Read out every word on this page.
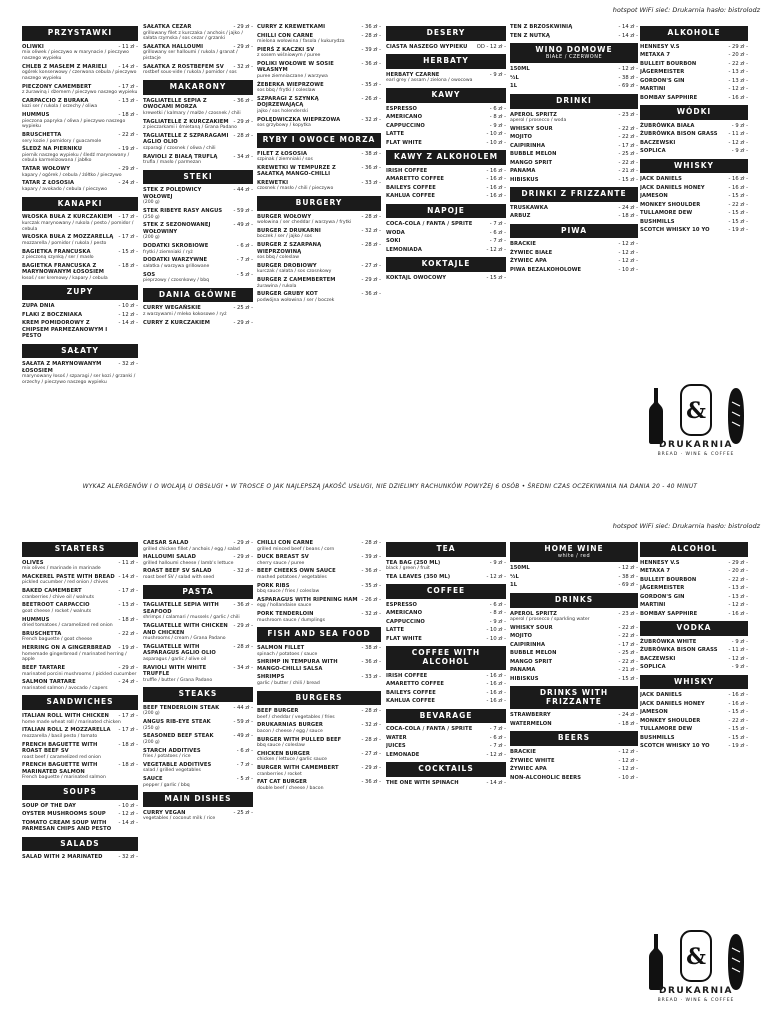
hotspot WiFi sieć: Drukarnia hasło: bistrolodz
PRZYSTAWKI
OLIWKI	- 11 zł -
mix oliwek / pieczywo w marynacie / pieczywo naszego wypieku
CHLEB Z MASŁEM Z MARIELI - 14 zł -
ogórek konserwowy / czerwona cebula / pieczywo naszego wypieku
PIECZONY CAMEMBERT	- 17 zł -
z żurawiną i dżemem / pieczywo naszego wypieku
CARPACCIO Z BURAKA	- 13 zł -
kozi ser / rukola / orzechy / oliwa
HUMMUS	- 18 zł -
pieczona papryka / oliwa / pieczywo naszego wypieku
BRUSCHETTA	- 22 zł -
sery kozie / pomidory / guacamole
ŚLEDŹ NA PIERNIKU	- 19 zł -
piernik naszego wypieku / śledź marynowany / cebula karmelizowana / jabłko
TATAR WOŁOWY	- 29 zł -
kapary / ogórek / cebula / żółtko / pieczywo
TATAR Z ŁOSOSIA	- 24 zł -
kapary / avokado / cebula / pieczywo
KANAPKI
WŁOSKA BUŁA Z KURCZAKIEM - 17 zł -
kurczak marynowany / rukola / pesto / pomidor / cebula
WŁOSKA BUŁA Z MOZZARELLĄ - 17 zł -
mozzarella / pomidor / rukola / pesto
BAGIETKA FRANCUSKA	- 15 zł -
z pieczoną szynką / ser / masło
BAGIETKA FRANCUSKA Z MARYNOWANYM ŁOSOSIEM
- 18 zł -
łosoś / ser kremowy / kapary / cebula
ZUPY
ZUPA DNIA	- 10 zł -
FLAKI Z BOCZNIAKA	- 12 zł -
KREM POMIDOROWY Z CHIPSEM PARMEZANOWYM I PESTO
- 14 zł -
SAŁATY
SAŁATA Z MARYNOWANYM ŁOSOSIEM
- 32 zł -
marynowany łosoś / szparagi / ser kozi / grzanki / orzechy / pieczywo naszego wypieku
SAŁATKA CEZAR	- 29 zł -
grillowany filet z kurczaka / anchois / jajko / sałata rzymska / sos cezar / grzanki
SAŁATKA HALLOUMI	- 29 zł -
grillowany ser halloumi / rukola / granat / pistacje
SAŁATKA Z ROSTBEFEM SV - 32 zł -
rostbef sous-vide / rukola / pomidor / sos
MAKARONY
TAGLIATELLE SEPIA Z OWOCAMI MORZA
- 36 zł -
krewetki / kalmary / małże / czosnek / chili
TAGLIATELLE Z KURCZAKIEM - 29 zł -
z pieczarkami i śmietaną / Grana Padano
TAGLIATELLE Z SZPARAGAMI AGLIO OLIO
- 28 zł -
szparagi / czosnek / oliwa / chili
RAVIOLI Z BIAŁĄ TRUFLĄ	- 34 zł -
trufla / masło / parmezan
STEKI
STEK Z POLĘDWICY WOŁOWEJ
- 44 zł -
(200 g)
STEK RIBEYE RASY ANGUS - 59 zł -
(250 g)
STEK Z SEZONOWANEJ WOŁOWINY
- 49 zł -
(200 g)
DODATKI SKROBIOWE	- 6 zł -
frytki / ziemniaki / ryż
DODATKI WARZYWNE	- 7 zł -
sałatka / warzywa grillowane
SOS	- 5 zł -
pieprzowy / czosnkowy / bbq
DANIA GŁÓWNE
CURRY WEGAŃSKIE	- 25 zł -
z warzywami / mleko kokosowe / ryż
CURRY Z KURCZAKIEM	- 29 zł -
CURRY Z KREWETKAMI	- 36 zł -
CHILLI CON CARNE	- 28 zł -
mielona wołowina / fasola / kukurydza
PIERŚ Z KACZKI SV	- 39 zł -
z sosem wiśniowym / puree
POLIKI WOŁOWE W SOSIE WŁASNYM
- 36 zł -
puree ziemniaczane / warzywa
ŻEBERKA WIEPRZOWE	- 35 zł -
sos bbq / frytki / coleslaw
SZPARAGI Z SZYNKĄ DOJRZEWAJĄCĄ
- 26 zł -
jajko / sos holenderski
POLĘDWICZKA WIEPRZOWA	- 32 zł -
sos grzybowy / kopytka
RYBY I OWOCE MORZA
FILET Z ŁOSOSIA	- 38 zł -
szpinak / ziemniaki / sos
KREWETKI W TEMPURZE Z SAŁATKĄ MANGO-CHILLI
- 36 zł -
KREWETKI	- 33 zł -
czosnek / masło / chili / pieczywo
BURGERY
BURGER WOŁOWY	- 28 zł -
wołowina / ser cheddar / warzywa / frytki
BURGER Z DRUKARNI	- 32 zł -
boczek / ser / jajko / sos
BURGER Z SZARPANĄ WIEPRZOWINĄ
- 28 zł -
sos bbq / coleslaw
BURGER DROBIOWY	- 27 zł -
kurczak / sałata / sos czosnkowy
BURGER Z CAMEMBERTEM	- 29 zł -
żurawina / rukola
BURGER GRUBY KOT	- 36 zł -
podwójna wołowina / ser / boczek
DESERY
CIASTA NASZEGO WYPIEKU OD - 12 zł -
HERBATY
HERBATY CZARNE	- 9 zł -
earl grey / assam / zielona / owocowa
KAWY
ESPRESSO	- 6 zł -
AMERICANO	- 8 zł -
CAPPUCCINO	- 9 zł -
LATTE	- 10 zł -
FLAT WHITE	- 10 zł -
KAWY Z ALKOHOLEM
IRISH COFFEE	- 16 zł -
AMARETTO COFFEE	- 16 zł -
BAILEYS COFFEE	- 16 zł -
KAHLUA COFFEE	- 16 zł -
NAPOJE
COCA-COLA / FANTA / SPRITE	- 7 zł -
WODA	- 6 zł -
SOKI	- 7 zł -
LEMONIADA	- 12 zł -
KOKTAJLE
KOKTAJL OWOCOWY	- 15 zł -
TEN Z BRZOSKWINIĄ	- 14 zł -
TEN Z NUTKĄ	- 14 zł -
WINO DOMOWE
BIAŁE / CZERWONE
150ML	- 12 zł -
½L	- 38 zł -
1L	- 69 zł -
DRINKI
APEROL SPRITZ	- 23 zł -
aperol / prosecco / woda
WHISKY SOUR	- 22 zł -
MOJITO	- 22 zł -
CAIPIRINHA	- 17 zł -
BUBBLE MELON	- 25 zł -
MANGO SPRIT	- 22 zł -
PANAMA	- 21 zł -
HIBISKUS	- 15 zł -
DRINKI Z FRIZZANTE
TRUSKAWKA	- 24 zł -
ARBUZ	- 18 zł -
PIWA
BRACKIE	- 12 zł -
ŻYWIEC BIAŁE	- 12 zł -
ŻYWIEC APA	- 12 zł -
PIWA BEZALKOHOLOWE	- 10 zł -
ALKOHOLE
HENNESY V.S	- 29 zł -
METAXA 7	- 20 zł -
BULLEIT BOURBON	- 22 zł -
JÄGERMEISTER	- 13 zł -
GORDON'S GIN	- 13 zł -
MARTINI	- 12 zł -
BOMBAY SAPPHIRE	- 16 zł -
WÓDKI
ŻUBRÓWKA BIAŁA	- 9 zł -
ŻUBRÓWKA BISON GRASS - 11 zł -
BACZEWSKI	- 12 zł -
SOPLICA	- 9 zł -
WHISKY
JACK DANIELS	- 16 zł -
JACK DANIELS HONEY	- 16 zł -
JAMESON	- 15 zł -
MONKEY SHOULDER	- 22 zł -
TULLAMORE DEW	- 15 zł -
BUSHMILLS	- 15 zł -
SCOTCH WHISKY 10 YO	- 19 zł -
&
DRUKARNIA
BREAD · WINE & COFFEE
WYKAZ ALERGENÓW I O WOLAJĄ U OBSŁUGI • W TROSCE O JAK NAJLEPSZĄ JAKOŚĆ USŁUGI, NIE DZIELIMY RACHUNKÓW POWYŻEJ 6 OSÓB • ŚREDNI CZAS OCZEKIWANIA NA DANIA 20 - 40 MINUT
hotspot WiFi sieć: Drukarnia hasło: bistrolodz
STARTERS
OLIVES	- 11 zł -
mix olives / marinade in marinade
MACKEREL PASTE WITH BREAD - 14 zł -
pickled cucumber / red onion / chives
BAKED CAMEMBERT	- 17 zł -
cranberries / chive oil / walnuts
BEETROOT CARPACCIO	- 13 zł -
goat cheese / rocket / walnuts
HUMMUS	- 18 zł -
dried tomatoes / caramelized red onion
BRUSCHETTA	- 22 zł -
French baguette / goat cheese
HERRING ON A GINGERBREAD - 19 zł -
homemade gingerbread / marinated herring / apple
BEEF TARTARE	- 29 zł -
marinated porcini mushrooms / pickled cucumber
SALMON TARTARE	- 24 zł -
marinated salmon / avocado / capers
SANDWICHES
ITALIAN ROLL WITH CHICKEN - 17 zł -
home made wheat roll / marinated chicken
ITALIAN ROLL Z MOZZARELLA - 17 zł -
mozzarella / basil pesto / tomato
FRENCH BAGUETTE WITH ROAST BEEF SV
- 18 zł -
roast beef / caramelized red onion
FRENCH BAGUETTE WITH MARINATED SALMON
- 18 zł -
French baguette / marinated salmon
SOUPS
SOUP OF THE DAY	- 10 zł -
OYSTER MUSHROOMS SOUP - 12 zł -
TOMATO CREAM SOUP WITH PARMESAN CHIPS AND PESTO
- 14 zł -
SALADS
SALAD WITH 2 MARINATED	- 32 zł -
CAESAR SALAD	- 29 zł -
grilled chicken fillet / anchois / egg / salad
HALLOUMI SALAD	- 29 zł -
grilled halloumi cheese / lamb's lettuce
ROAST BEEF SV SALAD	- 32 zł -
roast beef SV / salad with seed
PASTA
TAGLIATELLE SEPIA WITH SEAFOOD
- 36 zł -
shrimps / calamari / mussels / garlic / chili
TAGLIATELLE WITH CHICKEN AND CHICKEN
- 29 zł -
mushrooms / cream / Grana Padano
TAGLIATELLE WITH ASPARAGUS AGLIO OLIO
- 28 zł -
asparagus / garlic / olive oil
RAVIOLI WITH WHITE TRUFFLE
- 34 zł -
truffle / butter / Grana Padano
STEAKS
BEEF TENDERLOIN STEAK	- 44 zł -
(200 g)
ANGUS RIB-EYE STEAK	- 59 zł -
(250 g)
SEASONED BEEF STEAK	- 49 zł -
(200 g)
STARCH ADDITIVES	- 6 zł -
fries / potatoes / rice
VEGETABLE ADDITIVES	- 7 zł -
salad / grilled vegetables
SAUCE	- 5 zł -
pepper / garlic / bbq
MAIN DISHES
CURRY VEGAN	- 25 zł -
vegetables / coconut milk / rice
CHILLI CON CARNE	- 28 zł -
grilled minced beef / beans / corn
DUCK BREAST SV	- 39 zł -
cherry sauce / puree
BEEF CHEEKS OWN SAUCE	- 36 zł -
mashed potatoes / vegetables
PORK RIBS	- 35 zł -
bbq sauce / fries / coleslaw
ASPARAGUS WITH RIPENING HAM - 26 zł -
egg / hollandaise sauce
PORK TENDERLOIN	- 32 zł -
mushroom sauce / dumplings
FISH AND SEA FOOD
SALMON FILLET	- 38 zł -
spinach / potatoes / sauce
SHRIMP IN TEMPURA WITH MANGO-CHILLI SALSA
- 36 zł -
SHRIMPS	- 33 zł -
garlic / butter / chili / bread
BURGERS
BEEF BURGER	- 28 zł -
beef / cheddar / vegetables / fries
DRUKARNIAS BURGER	- 32 zł -
bacon / cheese / egg / sauce
BURGER WITH PULLED BEEF	- 28 zł -
bbq sauce / coleslaw
CHICKEN BURGER	- 27 zł -
chicken / lettuce / garlic sauce
BURGER WITH CAMEMBERT	- 29 zł -
cranberries / rocket
FAT CAT BURGER	- 36 zł -
double beef / cheese / bacon
TEA
TEA BAG (250 ML)	- 9 zł -
black / green / fruit
TEA LEAVES (350 ML)	- 12 zł -
COFFEE
ESPRESSO	- 6 zł -
AMERICANO	- 8 zł -
CAPPUCCINO	- 9 zł -
LATTE	- 10 zł -
FLAT WHITE	- 10 zł -
COFFEE WITH ALCOHOL
IRISH COFFEE	- 16 zł -
AMARETTO COFFEE	- 16 zł -
BAILEYS COFFEE	- 16 zł -
KAHLUA COFFEE	- 16 zł -
BEVARAGE
COCA-COLA / FANTA / SPRITE	- 7 zł -
WATER	- 6 zł -
JUICES	- 7 zł -
LEMONADE	- 12 zł -
COCKTAILS
THE ONE WITH SPINACH	- 14 zł -
HOME WINE
white / red
150ML	- 12 zł -
½L	- 38 zł -
1L	- 69 zł -
DRINKS
APEROL SPRITZ	- 23 zł -
aperol / prosecco / sparkling water
WHISKY SOUR	- 22 zł -
MOJITO	- 22 zł -
CAIPIRINHA	- 17 zł -
BUBBLE MELON	- 25 zł -
MANGO SPRIT	- 22 zł -
PANAMA	- 21 zł -
HIBISKUS	- 15 zł -
DRINKS WITH FRIZZANTE
STRAWBERRY	- 24 zł -
WATERMELON	- 18 zł -
BEERS
BRACKIE	- 12 zł -
ŻYWIEC WHITE	- 12 zł -
ŻYWIEC APA	- 12 zł -
NON-ALCOHOLIC BEERS	- 10 zł -
ALCOHOL
HENNESY V.S	- 29 zł -
METAXA 7	- 20 zł -
BULLEIT BOURBON	- 22 zł -
JÄGERMEISTER	- 13 zł -
GORDON'S GIN	- 13 zł -
MARTINI	- 12 zł -
BOMBAY SAPPHIRE	- 16 zł -
VODKA
ŻUBRÓWKA WHITE	- 9 zł -
ŻUBRÓWKA BISON GRASS - 11 zł -
BACZEWSKI	- 12 zł -
SOPLICA	- 9 zł -
WHISKY
JACK DANIELS	- 16 zł -
JACK DANIELS HONEY	- 16 zł -
JAMESON	- 15 zł -
MONKEY SHOULDER	- 22 zł -
TULLAMORE DEW	- 15 zł -
BUSHMILLS	- 15 zł -
SCOTCH WHISKY 10 YO	- 19 zł -
&
DRUKARNIA
BREAD · WINE & COFFEE
